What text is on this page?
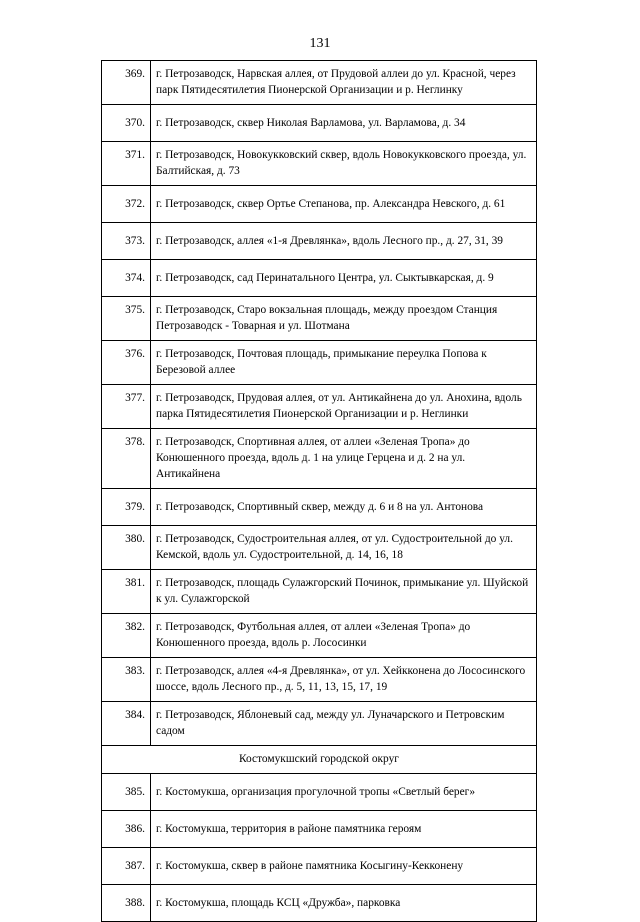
131
369.	г. Петрозаводск, Нарвская аллея, от Прудовой аллеи до ул. Красной, через парк Пятидесятилетия Пионерской Организации и р. Неглинку
370.	г. Петрозаводск, сквер Николая Варламова, ул. Варламова, д. 34
371.	г. Петрозаводск, Новокукковский сквер, вдоль Новокукковского проезда, ул. Балтийская, д. 73
372.	г. Петрозаводск, сквер Ортье Степанова, пр. Александра Невского, д. 61
373.	г. Петрозаводск, аллея «1-я Древлянка», вдоль Лесного пр., д. 27, 31, 39
374.	г. Петрозаводск, сад Перинатального Центра, ул. Сыктывкарская, д. 9
375.	г. Петрозаводск, Старо вокзальная площадь, между проездом Станция Петрозаводск - Товарная и ул. Шотмана
376.	г. Петрозаводск, Почтовая площадь, примыкание переулка Попова к Березовой аллее
377.	г. Петрозаводск, Прудовая аллея, от ул. Антикайнена до ул. Анохина, вдоль парка Пятидесятилетия Пионерской Организации и р. Неглинки
378.	г. Петрозаводск, Спортивная аллея, от аллеи «Зеленая Тропа» до Конюшенного проезда, вдоль д. 1 на улице Герцена и д. 2 на ул. Антикайнена
379.	г. Петрозаводск, Спортивный сквер, между д. 6 и 8 на ул. Антонова
380.	г. Петрозаводск, Судостроительная аллея, от ул. Судостроительной до ул. Кемской, вдоль ул. Судостроительной, д. 14, 16, 18
381.	г. Петрозаводск, площадь Сулажгорский Починок, примыкание ул. Шуйской к ул. Сулажгорской
382.	г. Петрозаводск, Футбольная аллея, от аллеи «Зеленая Тропа» до Конюшенного проезда, вдоль р. Лососинки
383.	г. Петрозаводск, аллея «4-я Древлянка», от ул. Хейкконена до Лососинского шоссе, вдоль Лесного пр., д. 5, 11, 13, 15, 17, 19
384.	г. Петрозаводск, Яблоневый сад, между ул. Луначарского и Петровским садом
Костомукшский городской округ	
385.	г. Костомукша, организация прогулочной тропы «Светлый берег»
386.	г. Костомукша, территория в районе памятника героям
387.	г. Костомукша, сквер в районе памятника Косыгину-Кекконену
388.	г. Костомукша, площадь КСЦ «Дружба», парковка
